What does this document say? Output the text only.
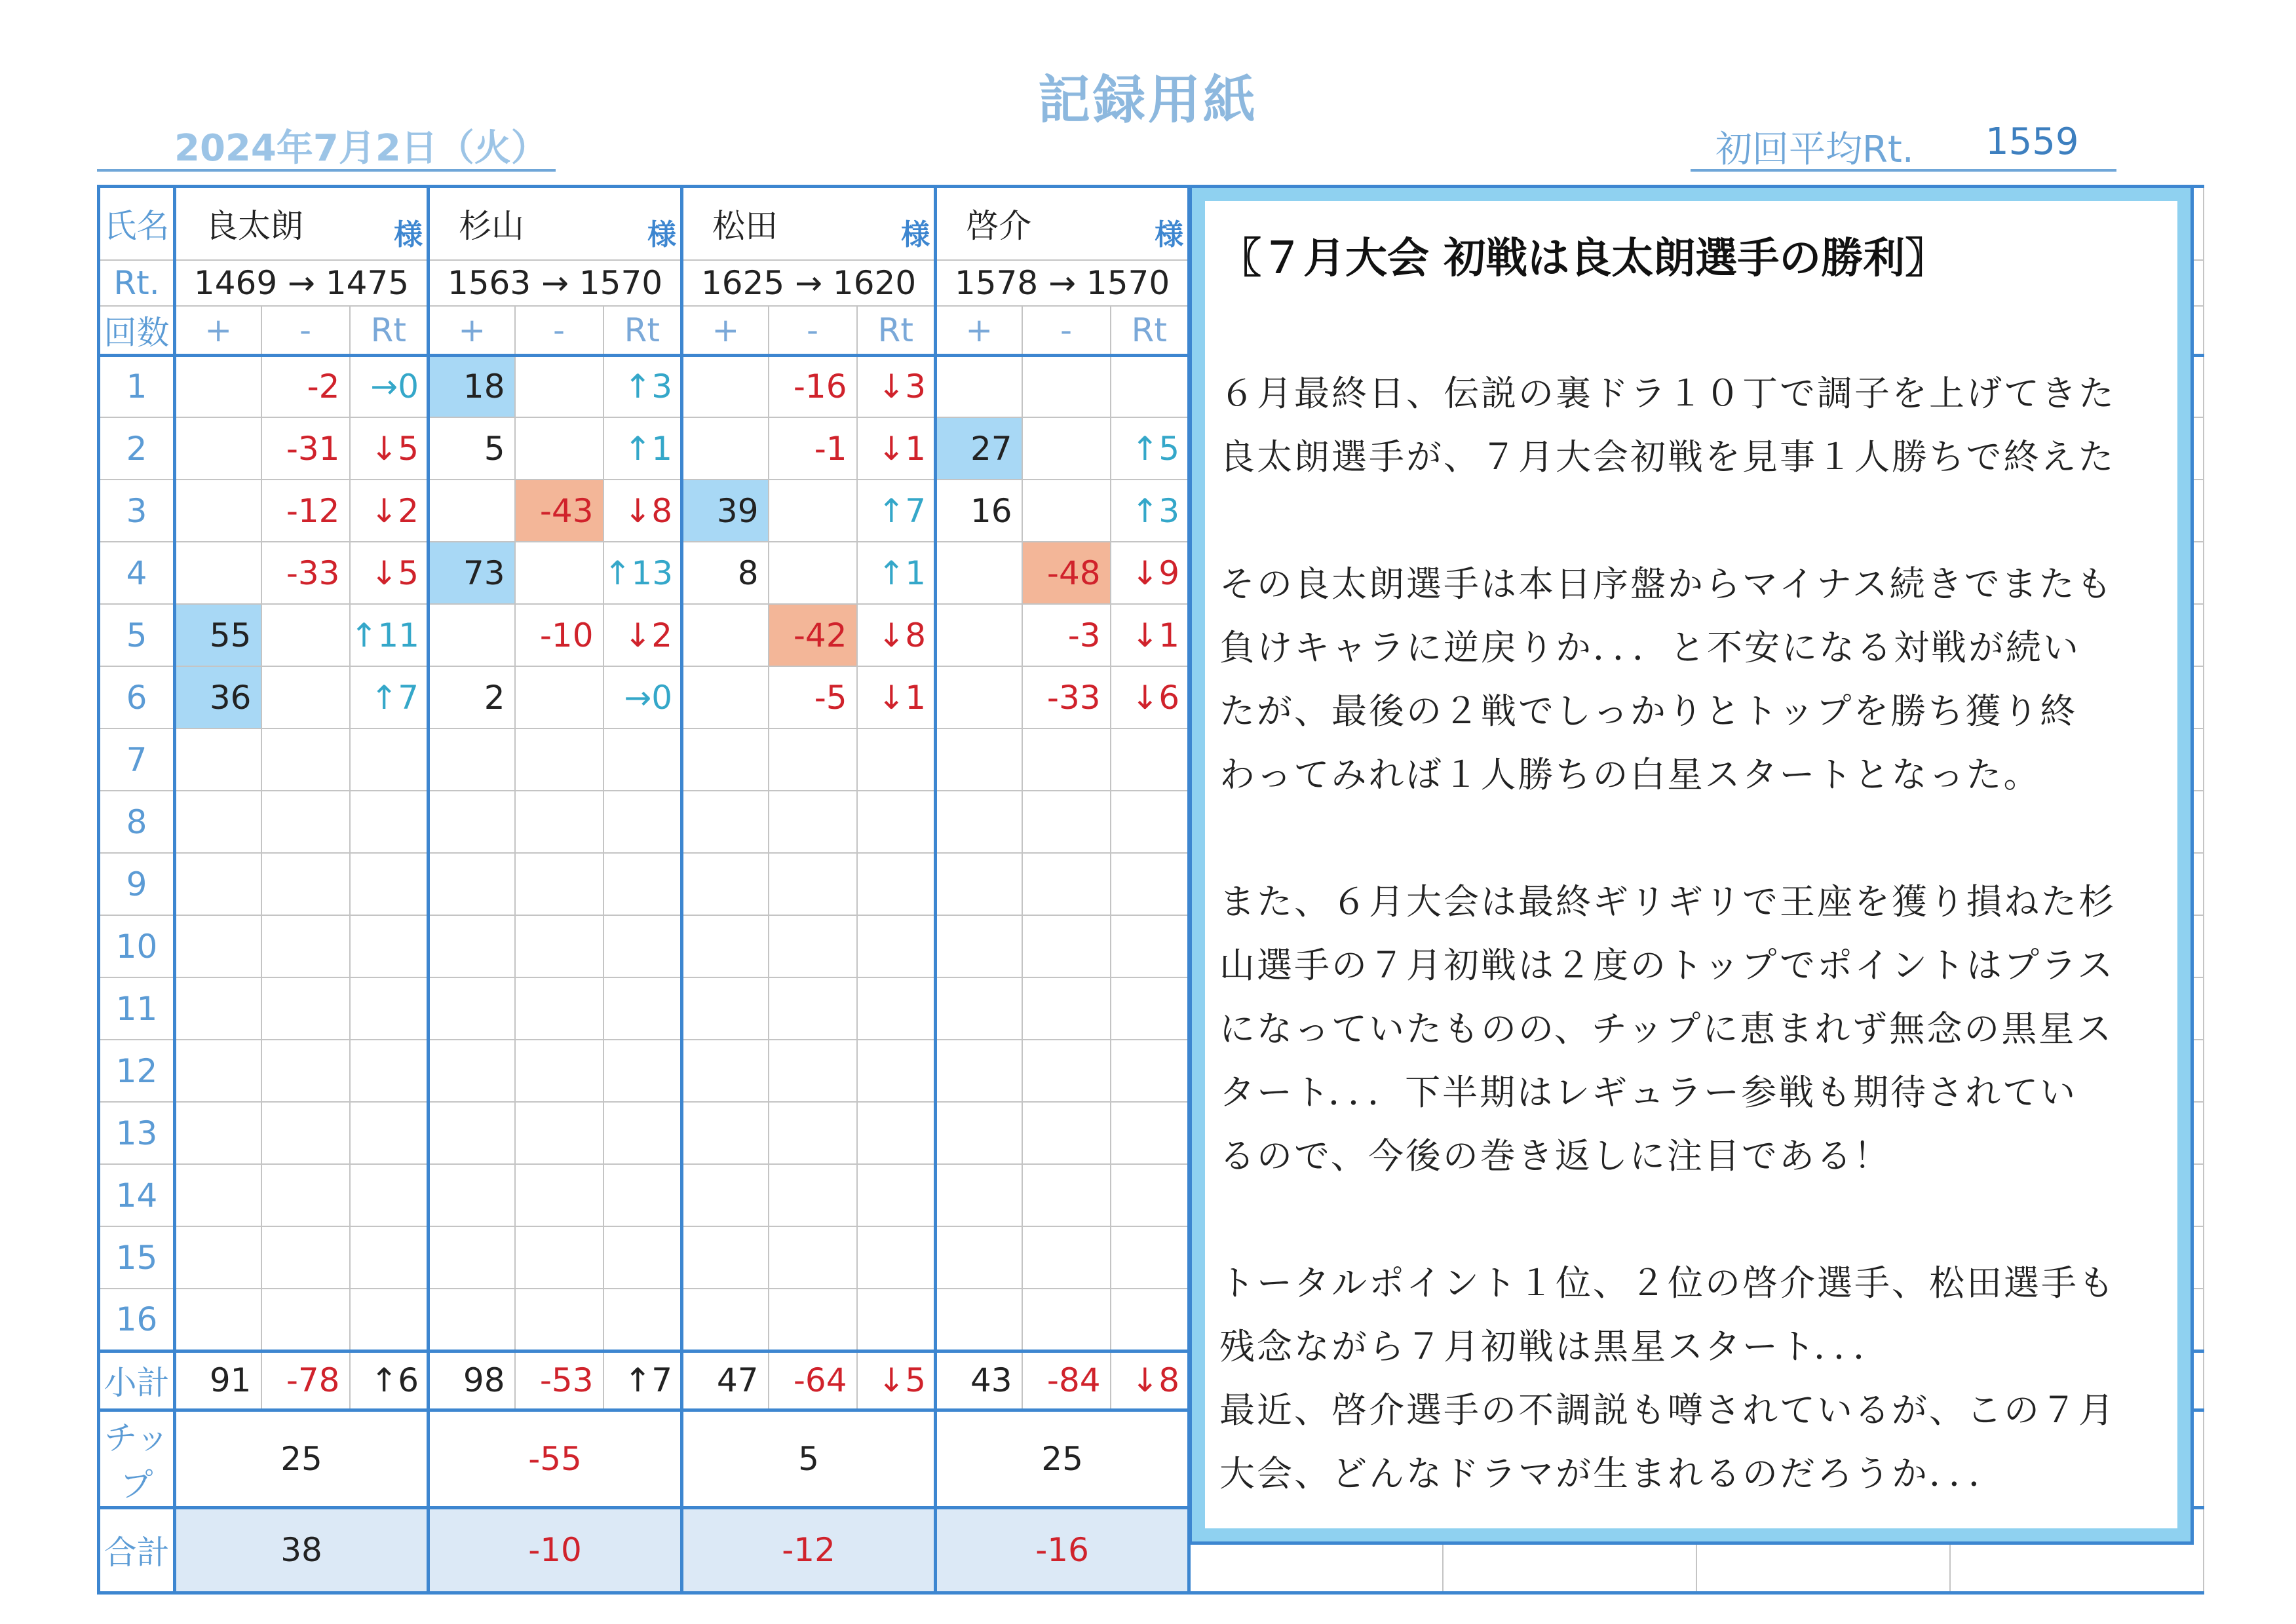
記録用紙
2024年7月2日（火）	初回平均Rt. 1559
氏名	良太朗 様			杉山 様			松田 様			啓介 様						

Rt.	1469 → 1475			1563 → 1570			1625 → 1620			1578 → 1570						
回数	+	-	Rt	+	-	Rt	+	-	Rt	+	-	Rt				
1		-2	→0	18		↑3		-16	↓3							
2		-31	↓5	5		↑1		-1	↓1	27		↑5				
3		-12	↓2		-43	↓8	39		↑7	16		↑3				
4		-33	↓5	73		↑13	8		↑1		-48	↓9				
5	55		↑11		-10	↓2		-42	↓8		-3	↓1				
6	36		↑7	2		→0		-5	↓1		-33	↓6				
7																
8																
9																
10																
11																
12																
13																
14																
15																
16																
小計	91	-78	↑6	98	-53	↑7	47	-64	↓5	43	-84	↓8				
チップ	25			-55			5			25						
合計	38			-10			-12			-16						
〖７月大会 初戦は良太朗選手の勝利〗

６月最終日、伝説の裏ドラ１０丁で調子を上げてきた

良太朗選手が、７月大会初戦を見事１人勝ちで終えた

その良太朗選手は本日序盤からマイナス続きでまたも

負けキャラに逆戻りか．．．と不安になる対戦が続い

たが、最後の２戦でしっかりとトップを勝ち獲り終

わってみれば１人勝ちの白星スタートとなった。

また、６月大会は最終ギリギリで王座を獲り損ねた杉

山選手の７月初戦は２度のトップでポイントはプラス

になっていたものの、チップに恵まれず無念の黒星ス

タート．．．下半期はレギュラー参戦も期待されてい

るので、今後の巻き返しに注目である！

トータルポイント１位、２位の啓介選手、松田選手も

残念ながら７月初戦は黒星スタート．．．

最近、啓介選手の不調説も噂されているが、この７月

大会、どんなドラマが生まれるのだろうか．．．
